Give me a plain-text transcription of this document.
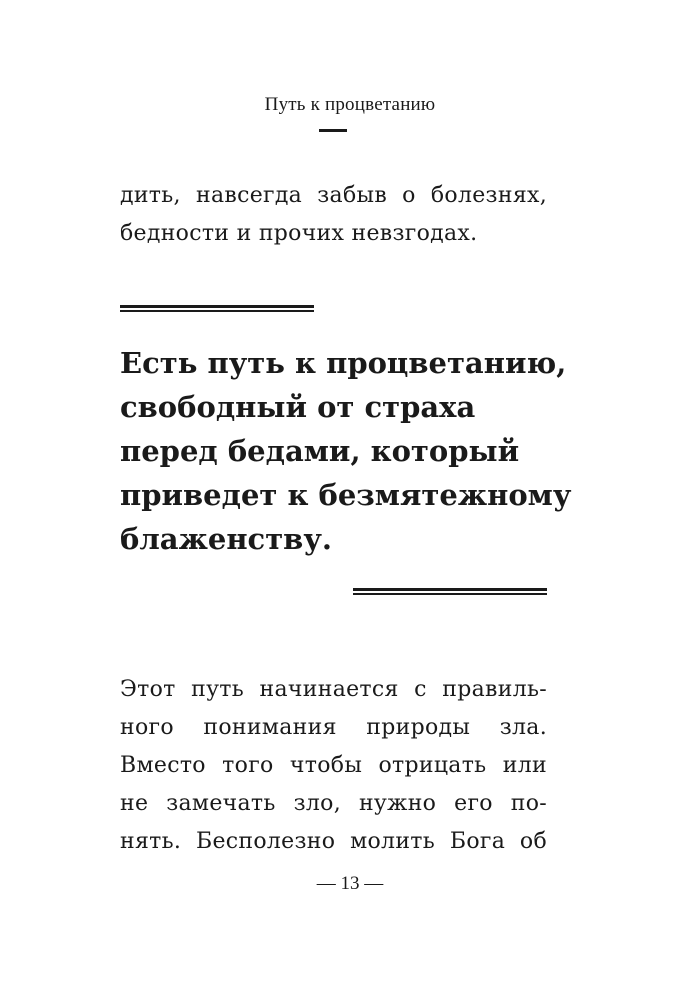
Путь к процветанию
дить, навсегда забыв о болезнях,
бедности и прочих невзгодах.
Есть путь к процветанию,
свободный от страха
перед бедами, который
приведет к безмятежному
блаженству.
Этот путь начинается с правиль-
ного понимания природы зла.
Вместо того чтобы отрицать или
не замечать зло, нужно его по-
нять. Бесполезно молить Бога об
— 13 —
